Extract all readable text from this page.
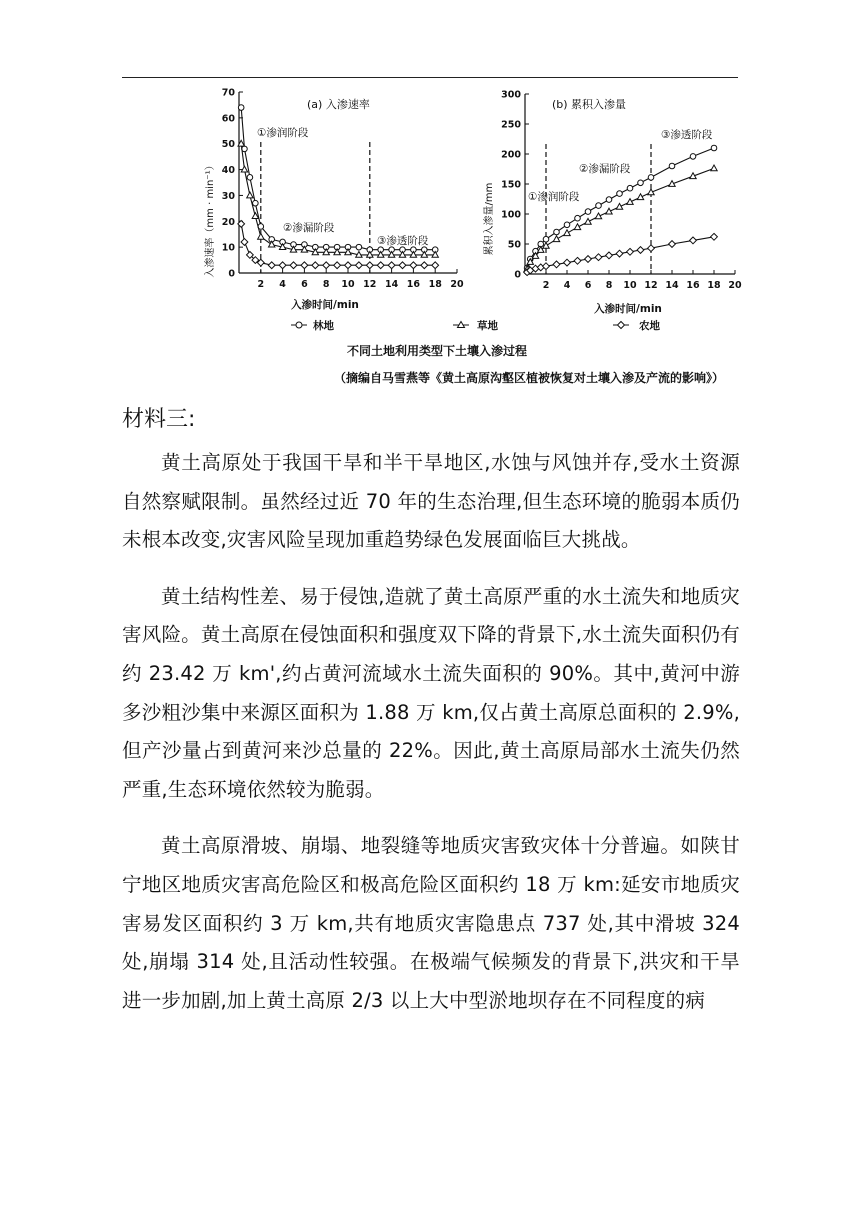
(a) 入渗速率
入渗速率（mm · min⁻¹）
入渗时间/min
①渗润阶段
②渗漏阶段
③渗透阶段
(b) 累积入渗量
累积入渗量/mm
入渗时间/min
①渗润阶段
②渗漏阶段
③渗透阶段
林地	草地	农地
不同土地利用类型下土壤入渗过程
（摘编自马雪燕等《黄土高原沟壑区植被恢复对土壤入渗及产流的影响》）
0
10
20
30
40
50
60
70
2 4 6 8 10 12 14 16 18 20
0
50
100
150
200
250
300
2 4 6 8 10 12 14 16 18 20
材料三:

黄土高原处于我国干旱和半干旱地区,水蚀与风蚀并存,受水土资源自然察赋限制。虽然经过近 70 年的生态治理,但生态环境的脆弱本质仍未根本改变,灾害风险呈现加重趋势绿色发展面临巨大挑战。

黄土结构性差、易于侵蚀,造就了黄土高原严重的水土流失和地质灾害风险。黄土高原在侵蚀面积和强度双下降的背景下,水土流失面积仍有约 23.42 万 km',约占黄河流域水土流失面积的 90%。其中,黄河中游多沙粗沙集中来源区面积为 1.88 万 km,仅占黄土高原总面积的 2.9%,但产沙量占到黄河来沙总量的 22%。因此,黄土高原局部水土流失仍然严重,生态环境依然较为脆弱。

黄土高原滑坡、崩塌、地裂缝等地质灾害致灾体十分普遍。如陕甘宁地区地质灾害高危险区和极高危险区面积约 18 万 km:延安市地质灾害易发区面积约 3 万 km,共有地质灾害隐患点 737 处,其中滑坡 324 处,崩塌 314 处,且活动性较强。在极端气候频发的背景下,洪灾和干旱进一步加剧,加上黄土高原 2/3 以上大中型淤地坝存在不同程度的病
